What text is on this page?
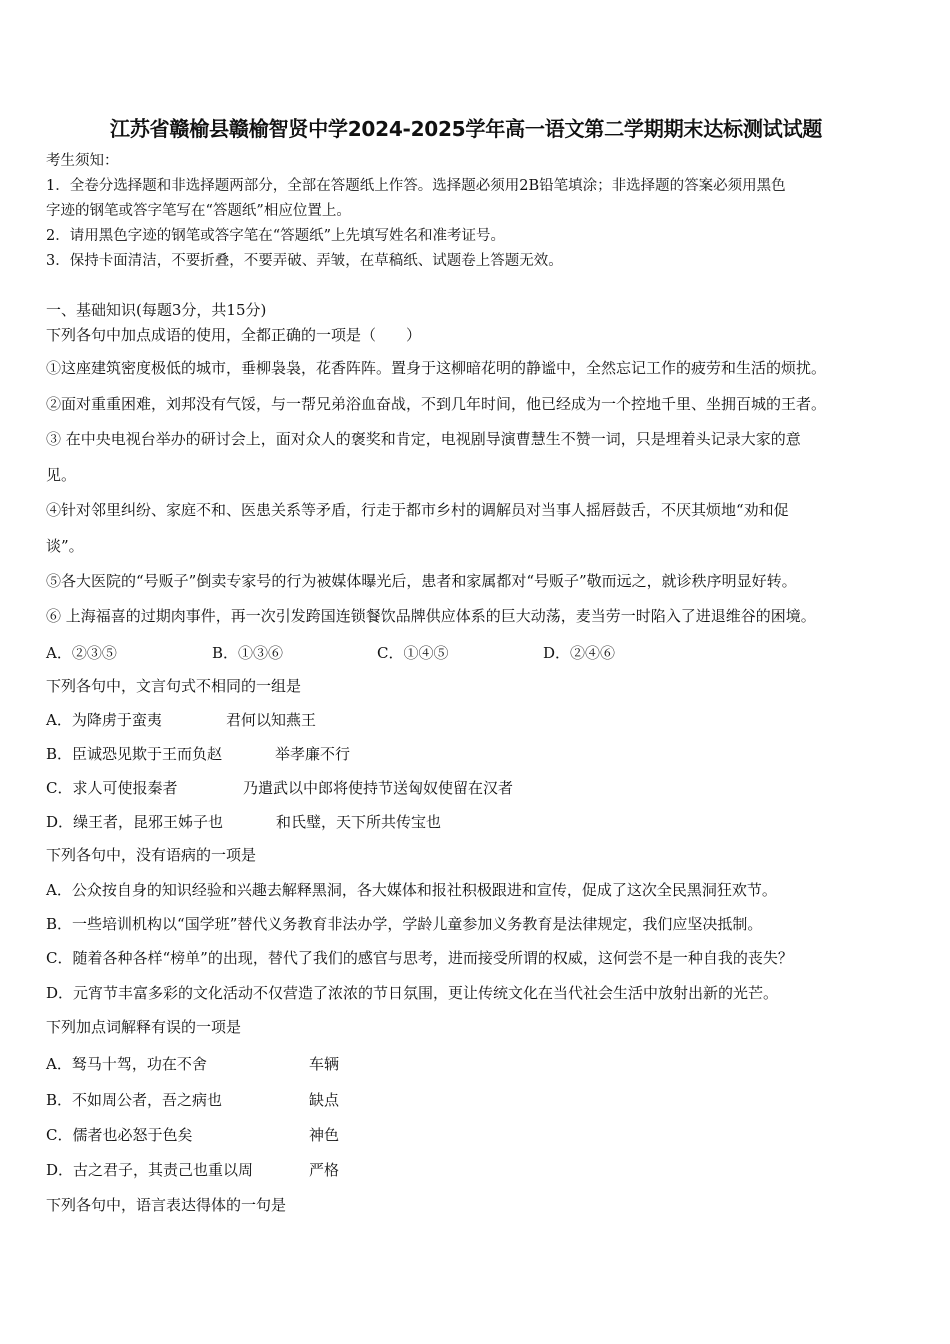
江苏省赣榆县赣榆智贤中学2024-2025学年高一语文第二学期期末达标测试试题
考生须知：
1．全卷分选择题和非选择题两部分，全部在答题纸上作答。选择题必须用2B铅笔填涂；非选择题的答案必须用黑色
字迹的钢笔或答字笔写在“答题纸”相应位置上。
2．请用黑色字迹的钢笔或答字笔在“答题纸”上先填写姓名和准考证号。
3．保持卡面清洁，不要折叠，不要弄破、弄皱，在草稿纸、试题卷上答题无效。
一、基础知识(每题3分，共15分)
下列各句中加点成语的使用，全都正确的一项是（　　）
①这座建筑密度极低的城市，垂柳袅袅，花香阵阵。置身于这柳暗花明的静谧中，全然忘记工作的疲劳和生活的烦扰。
②面对重重困难，刘邦没有气馁，与一帮兄弟浴血奋战，不到几年时间，他已经成为一个控地千里、坐拥百城的王者。
③ 在中央电视台举办的研讨会上，面对众人的褒奖和肯定，电视剧导演曹慧生不赞一词，只是埋着头记录大家的意
见。
④针对邻里纠纷、家庭不和、医患关系等矛盾，行走于都市乡村的调解员对当事人摇唇鼓舌，不厌其烦地“劝和促
谈”。
⑤各大医院的“号贩子”倒卖专家号的行为被媒体曝光后，患者和家属都对“号贩子”敬而远之，就诊秩序明显好转。
⑥ 上海福喜的过期肉事件，再一次引发跨国连锁餐饮品牌供应体系的巨大动荡，麦当劳一时陷入了进退维谷的困境。
A．②③⑤	B．①③⑥	C．①④⑤	D．②④⑥
下列各句中，文言句式不相同的一组是
A．为降虏于蛮夷	君何以知燕王
B．臣诚恐见欺于王而负赵	举孝廉不行
C．求人可使报秦者	乃遣武以中郎将使持节送匈奴使留在汉者
D．缲王者，昆邪王姊子也	和氏璧，天下所共传宝也
下列各句中，没有语病的一项是
A．公众按自身的知识经验和兴趣去解释黑洞，各大媒体和报社积极跟进和宣传，促成了这次全民黑洞狂欢节。
B．一些培训机构以“国学班”替代义务教育非法办学，学龄儿童参加义务教育是法律规定，我们应坚决抵制。
C．随着各种各样“榜单”的出现，替代了我们的感官与思考，进而接受所谓的权威，这何尝不是一种自我的丧失？
D．元宵节丰富多彩的文化活动不仅营造了浓浓的节日氛围，更让传统文化在当代社会生活中放射出新的光芒。
下列加点词解释有误的一项是
A．驽马十驾，功在不舍	车辆
B．不如周公者，吾之病也	缺点
C．儒者也必怒于色矣	神色
D．古之君子，其责己也重以周	严格
下列各句中，语言表达得体的一句是
